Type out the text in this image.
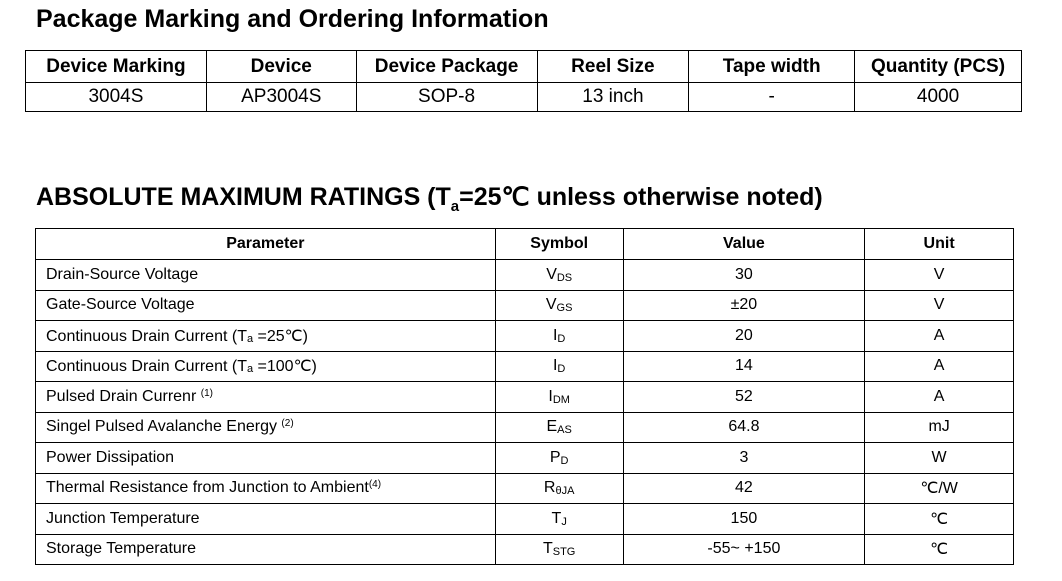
Package Marking and Ordering Information
Device Marking	Device	Device Package	Reel Size	Tape width	Quantity (PCS)
3004S	AP3004S	SOP-8	13 inch	-	4000
ABSOLUTE MAXIMUM RATINGS ($T_a=25℃$ unless otherwise noted)
Parameter	Symbol	Value	Unit
Drain-Source Voltage	VDS	30	V
Gate-Source Voltage	VGS	±20	V
Continuous Drain Current (Ta =25℃)	ID	20	A
Continuous Drain Current (Ta =100℃)	ID	14	A
Pulsed Drain Currenr $^{(1)}$	IDM	52	A
Singel Pulsed Avalanche Energy $^{(2)}$	EAS	64.8	mJ
Power Dissipation	PD	3	W
Thermal Resistance from Junction to Ambient$^{(4)}$	RθJA	42	℃/W
Junction Temperature	TJ	150	℃
Storage Temperature	TSTG	-55~ +150	℃
